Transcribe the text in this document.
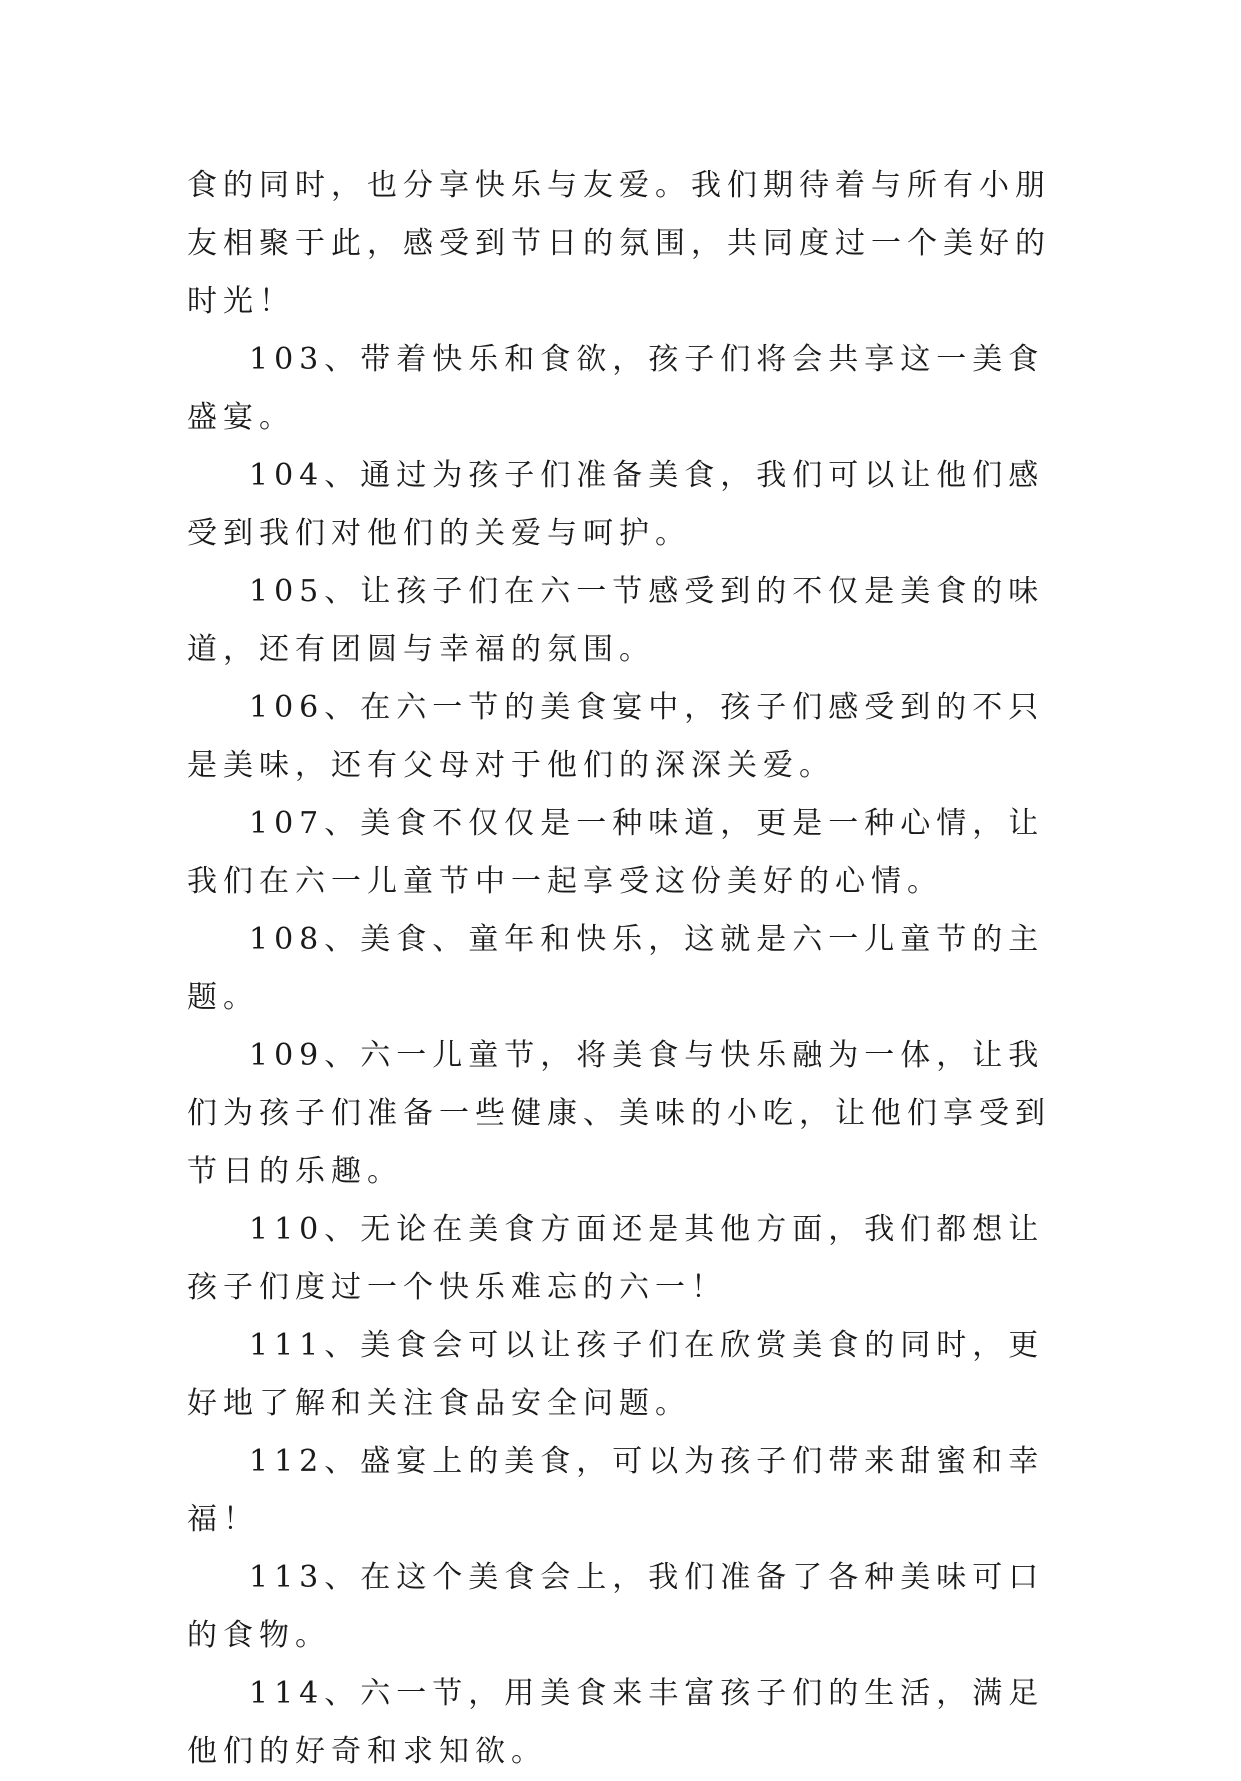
食的同时，也分享快乐与友爱。我们期待着与所有小朋友相聚于此，感受到节日的氛围，共同度过一个美好的时光！

103、带着快乐和食欲，孩子们将会共享这一美食盛宴。

104、通过为孩子们准备美食，我们可以让他们感受到我们对他们的关爱与呵护。

105、让孩子们在六一节感受到的不仅是美食的味道，还有团圆与幸福的氛围。

106、在六一节的美食宴中，孩子们感受到的不只是美味，还有父母对于他们的深深关爱。

107、美食不仅仅是一种味道，更是一种心情，让我们在六一儿童节中一起享受这份美好的心情。

108、美食、童年和快乐，这就是六一儿童节的主题。

109、六一儿童节，将美食与快乐融为一体，让我们为孩子们准备一些健康、美味的小吃，让他们享受到节日的乐趣。

110、无论在美食方面还是其他方面，我们都想让孩子们度过一个快乐难忘的六一！

111、美食会可以让孩子们在欣赏美食的同时，更好地了解和关注食品安全问题。

112、盛宴上的美食，可以为孩子们带来甜蜜和幸福！

113、在这个美食会上，我们准备了各种美味可口的食物。

114、六一节，用美食来丰富孩子们的生活，满足他们的好奇和求知欲。
